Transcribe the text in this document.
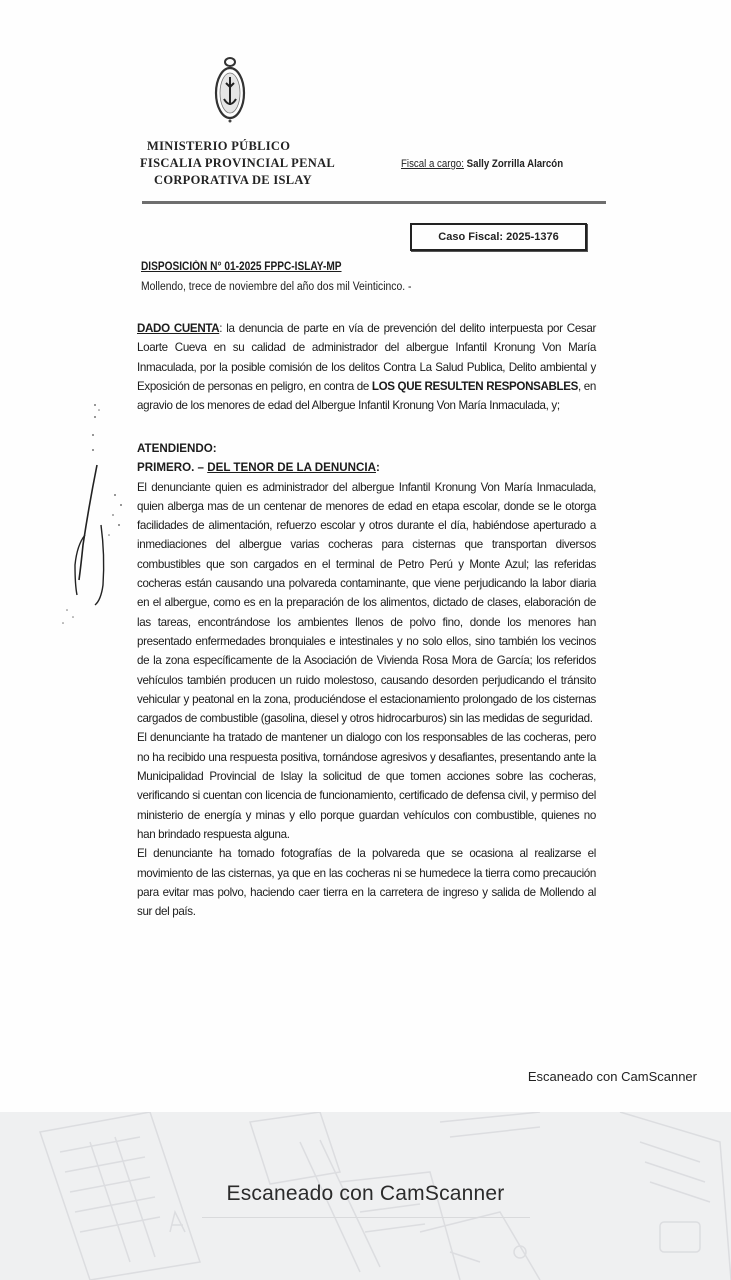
MINISTERIO PÚBLICO
FISCALIA PROVINCIAL PENAL
CORPORATIVA DE ISLAY
Fiscal a cargo: Sally Zorrilla Alarcón
Caso Fiscal: 2025-1376
DISPOSICIÓN N° 01-2025 FPPC-ISLAY-MP
Mollendo, trece de noviembre del año dos mil Veinticinco. -
DADO CUENTA: la denuncia de parte en vía de prevención del delito interpuesta por Cesar Loarte Cueva en su calidad de administrador del albergue Infantil Kronung Von María Inmaculada, por la posible comisión de los delitos Contra La Salud Publica, Delito ambiental y Exposición de personas en peligro, en contra de LOS QUE RESULTEN RESPONSABLES, en agravio de los menores de edad del Albergue Infantil Kronung Von María Inmaculada, y;
ATENDIENDO:
PRIMERO. – DEL TENOR DE LA DENUNCIA:

El denunciante quien es administrador del albergue Infantil Kronung Von María Inmaculada, quien alberga mas de un centenar de menores de edad en etapa escolar, donde se le otorga facilidades de alimentación, refuerzo escolar y otros durante el día, habiéndose aperturado a inmediaciones del albergue varias cocheras para cisternas que transportan diversos combustibles que son cargados en el terminal de Petro Perú y Monte Azul; las referidas cocheras están causando una polvareda contaminante, que viene perjudicando la labor diaria en el albergue, como es en la preparación de los alimentos, dictado de clases, elaboración de las tareas, encontrándose los ambientes llenos de polvo fino, donde los menores han presentado enfermedades bronquiales e intestinales y no solo ellos, sino también los vecinos de la zona específicamente de la Asociación de Vivienda Rosa Mora de García; los referidos vehículos también producen un ruido molestoso, causando desorden perjudicando el tránsito vehicular y peatonal en la zona, produciéndose el estacionamiento prolongado de los cisternas cargados de combustible (gasolina, diesel y otros hidrocarburos) sin las medidas de seguridad.

El denunciante ha tratado de mantener un dialogo con los responsables de las cocheras, pero no ha recibido una respuesta positiva, tornándose agresivos y desafiantes, presentando ante la Municipalidad Provincial de Islay la solicitud de que tomen acciones sobre las cocheras, verificando si cuentan con licencia de funcionamiento, certificado de defensa civil, y permiso del ministerio de energía y minas y ello porque guardan vehículos con combustible, quienes no han brindado respuesta alguna.

El denunciante ha tomado fotografías de la polvareda que se ocasiona al realizarse el movimiento de las cisternas, ya que en las cocheras ni se humedece la tierra como precaución para evitar mas polvo, haciendo caer tierra en la carretera de ingreso y salida de Mollendo al sur del país.

Escaneado con CamScanner
Escaneado con CamScanner
